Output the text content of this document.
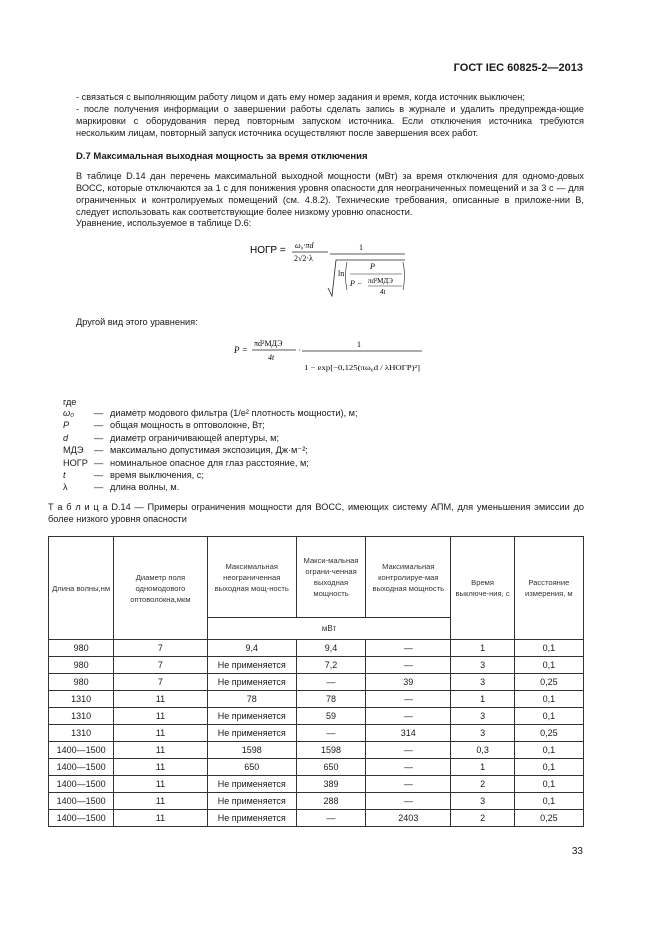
ГОСТ IEC 60825-2—2013
- связаться с выполняющим работу лицом и дать ему номер задания и время, когда источник выключен;
- после получения информации о завершении работы сделать запись в журнале и удалить предупрежда-ющие маркировки с оборудования перед повторным запуском источника. Если отключения источника требуются нескольким лицам, повторный запуск источника осуществляют после завершения всех работ.
D.7 Максимальная выходная мощность за время отключения
В таблице D.14 дан перечень максимальной выходной мощности (мВт) за время отключения для одномо-довых ВОСС, которые отключаются за 1 с для понижения уровня опасности для неограниченных помещений и за 3 с — для ограниченных и контролируемых помещений (см. 4.8.2). Технические требования, описанные в приложе-нии B, следует использовать как соответствующие более низкому уровню опасности.
Уравнение, используемое в таблице D.6:
НОГР = ω₀·πd
2√2·λ
1
ln
P
P − πd²МДЭ
4t
Другой вид этого уравнения:
P =
πd²МДЭ
4t
·
1
1 − exp[−0,125(πω₀d / λНОГР)²]
где
ω₀ — диаметр модового фильтра (1/e² плотность мощности), м;
P	— общая мощность в оптоволокне, Вт;
d	— диаметр ограничивающей апертуры, м;
МДЭ — максимально допустимая экспозиция, Дж·м⁻²;
НОГР — номинальное опасное для глаз расстояние, м;
t	— время выключения, с;
λ	— длина волны, м.
Т а б л и ц а D.14 — Примеры ограничения мощности для ВОСС, имеющих систему АПМ, для уменьшения эмиссии до более низкого уровня опасности
Длина волны,нм	Диаметр поля одномодового оптоволокна,мкм	Максимальная неограниченная выходная мощ-ность	Макси-мальная ограни-ченная выходная мощность	Максимальная контролируе-мая выходная мощность	Время выключе-ния, с	Расстояние измерения, м
		мВт				
980	7	9,4	9,4	—	1	0,1
980	7	Не применяется	7,2	—	3	0,1
980	7	Не применяется	—	39	3	0,25
1310	11	78	78	—	1	0,1
1310	11	Не применяется	59	—	3	0,1
1310	11	Не применяется	—	314	3	0,25
1400—1500	11	1598	1598	—	0,3	0,1
1400—1500	11	650	650	—	1	0,1
1400—1500	11	Не применяется	389	—	2	0,1
1400—1500	11	Не применяется	288	—	3	0,1
1400—1500	11	Не применяется	—	2403	2	0,25
33
